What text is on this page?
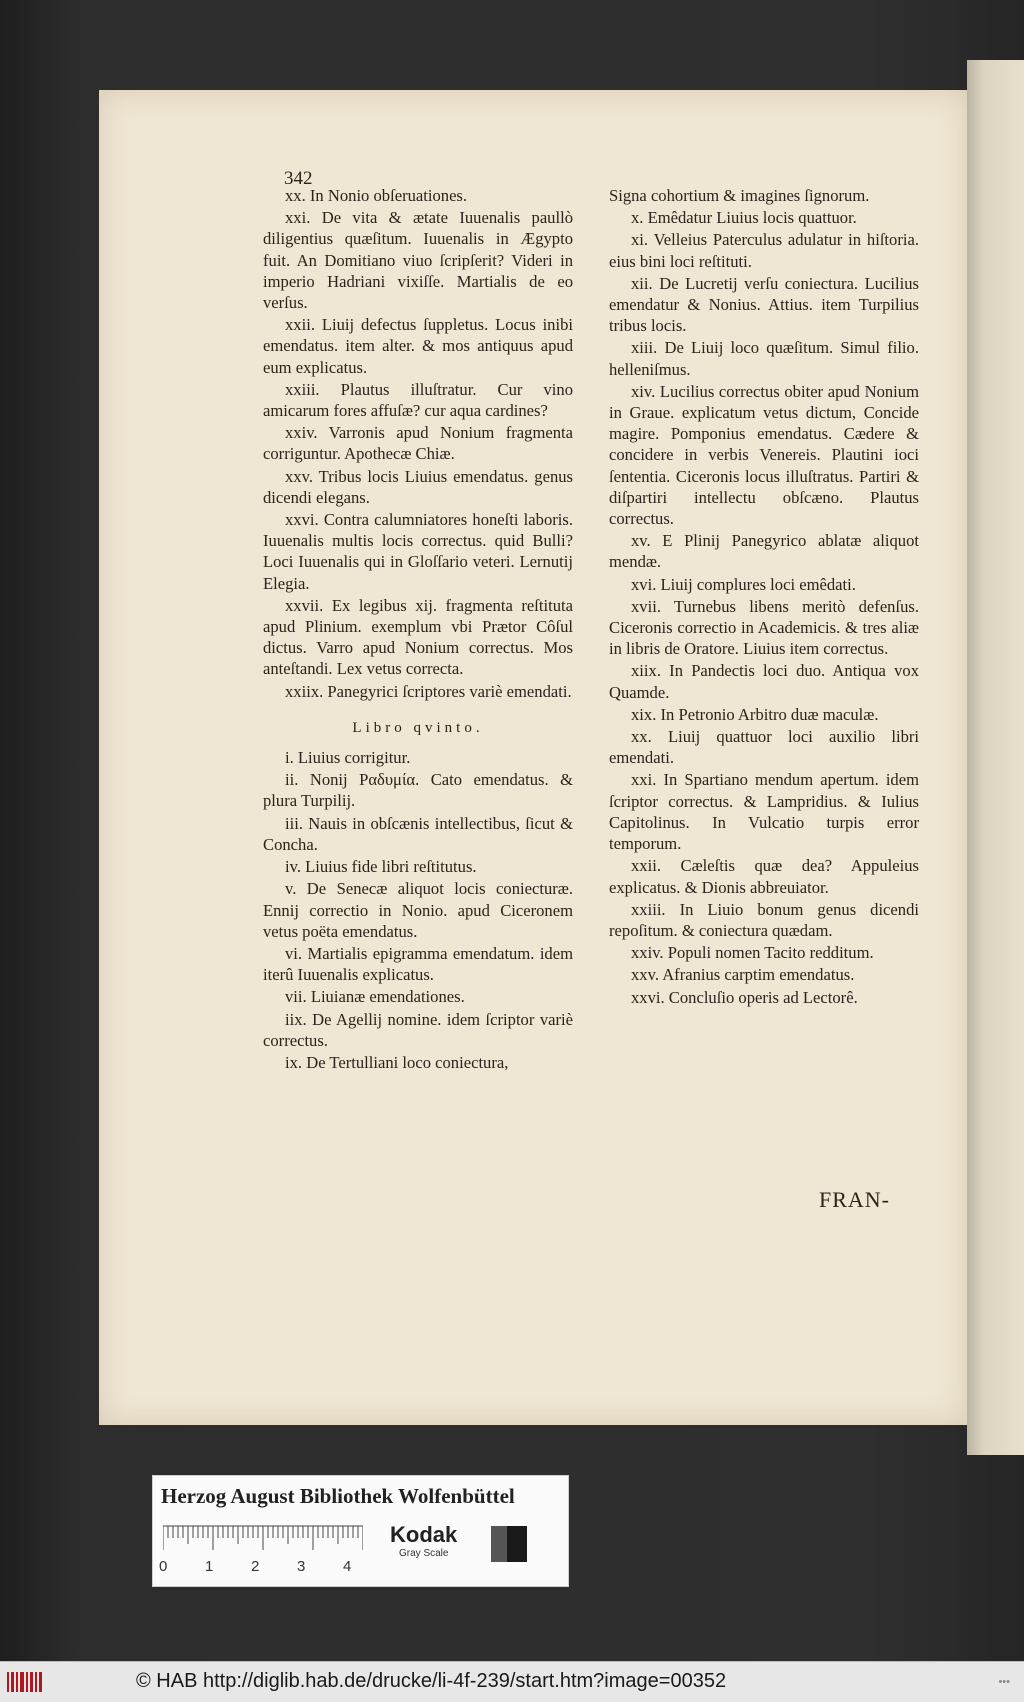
342
xx. In Nonio obſeruationes.
xxi. De vita & ætate Iuuenalis paullò diligentius quæſitum. Iuuenalis in Ægypto fuit. An Domitiano viuo ſcripſerit? Videri in imperio Hadriani vixiſſe. Martialis de eo verſus.
xxii. Liuij defectus ſuppletus. Locus inibi emendatus. item alter. & mos antiquus apud eum explicatus.
xxiii. Plautus illuſtratur. Cur vino amicarum fores affuſæ? cur aqua cardines?
xxiv. Varronis apud Nonium fragmenta corriguntur. Apothecæ Chiæ.
xxv. Tribus locis Liuius emendatus. genus dicendi elegans.
xxvi. Contra calumniatores honeſti laboris. Iuuenalis multis locis correctus. quid Bulli? Loci Iuuenalis qui in Gloſſario veteri. Lernutij Elegia.
xxvii. Ex legibus xij. fragmenta reſtituta apud Plinium. exemplum vbi Prætor Côſul dictus. Varro apud Nonium correctus. Mos anteſtandi. Lex vetus correcta.
xxiix. Panegyrici ſcriptores variè emendati.
Libro qvinto.
i. Liuius corrigitur.
ii. Nonij Ραδυμία. Cato emendatus. & plura Turpilij.
iii. Nauis in obſcænis intellectibus, ſicut & Concha.
iv. Liuius fide libri reſtitutus.
v. De Senecæ aliquot locis coniecturæ. Ennij correctio in Nonio. apud Ciceronem vetus poëta emendatus.
vi. Martialis epigramma emendatum. idem iterû Iuuenalis explicatus.
vii. Liuianæ emendationes.
iix. De Agellij nomine. idem ſcriptor variè correctus.
ix. De Tertulliani loco coniectura,
Signa cohortium & imagines ſignorum.
x. Emêdatur Liuius locis quattuor.
xi. Velleius Paterculus adulatur in hiſtoria. eius bini loci reſtituti.
xii. De Lucretij verſu coniectura. Lucilius emendatur & Nonius. Attius. item Turpilius tribus locis.
xiii. De Liuij loco quæſitum. Simul filio. helleniſmus.
xiv. Lucilius correctus obiter apud Nonium in Graue. explicatum vetus dictum, Concide magire. Pomponius emendatus. Cædere & concidere in verbis Venereis. Plautini ioci ſententia. Ciceronis locus illuſtratus. Partiri & diſpartiri intellectu obſcæno. Plautus correctus.
xv. E Plinij Panegyrico ablatæ aliquot mendæ.
xvi. Liuij complures loci emêdati.
xvii. Turnebus libens meritò defenſus. Ciceronis correctio in Academicis. & tres aliæ in libris de Oratore. Liuius item correctus.
xiix. In Pandectis loci duo. Antiqua vox Quamde.
xix. In Petronio Arbitro duæ maculæ.
xx. Liuij quattuor loci auxilio libri emendati.
xxi. In Spartiano mendum apertum. idem ſcriptor correctus. & Lampridius. & Iulius Capitolinus. In Vulcatio turpis error temporum.
xxii. Cæleſtis quæ dea? Appuleius explicatus. & Dionis abbreuiator.
xxiii. In Liuio bonum genus dicendi repoſitum. & coniectura quædam.
xxiv. Populi nomen Tacito redditum.
xxv. Afranius carptim emendatus.
xxvi. Concluſio operis ad Lectorê.
FRAN-
Herzog August Bibliothek Wolfenbüttel
0	1	2	3	4
Kodak
Gray Scale
© HAB http://diglib.hab.de/drucke/li-4f-239/start.htm?image=00352	•••
